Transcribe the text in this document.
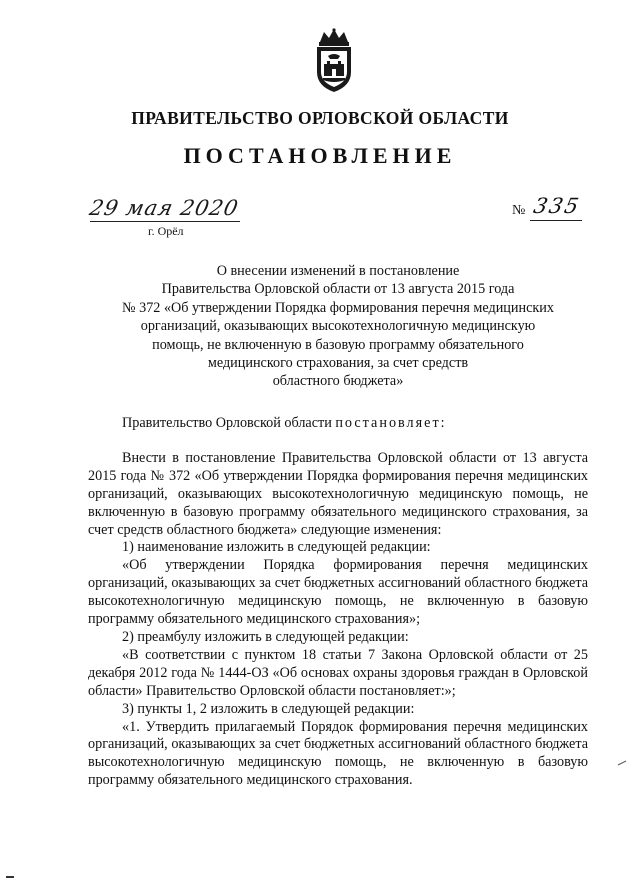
ПРАВИТЕЛЬСТВО ОРЛОВСКОЙ ОБЛАСТИ
ПОСТАНОВЛЕНИЕ
29 мая 2020
г. Орёл
№ 335
О внесении изменений в постановление
Правительства Орловской области от 13 августа 2015 года
№ 372 «Об утверждении Порядка формирования перечня медицинских
организаций, оказывающих высокотехнологичную медицинскую
помощь, не включенную в базовую программу обязательного
медицинского страхования, за счет средств
областного бюджета»

Правительство Орловской области постановляет:

Внести в постановление Правительства Орловской области от 13 августа 2015 года № 372 «Об утверждении Порядка формирования перечня медицинских организаций, оказывающих высокотехнологичную медицинскую помощь, не включенную в базовую программу обязательного медицинского страхования, за счет средств областного бюджета» следующие изменения:

1) наименование изложить в следующей редакции:

«Об утверждении Порядка формирования перечня медицинских организаций, оказывающих за счет бюджетных ассигнований областного бюджета высокотехнологичную медицинскую помощь, не включенную в базовую программу обязательного медицинского страхования»;

2) преамбулу изложить в следующей редакции:

«В соответствии с пунктом 18 статьи 7 Закона Орловской области от 25 декабря 2012 года № 1444-ОЗ «Об основах охраны здоровья граждан в Орловской области» Правительство Орловской области постановляет:»;

3) пункты 1, 2 изложить в следующей редакции:

«1. Утвердить прилагаемый Порядок формирования перечня медицинских организаций, оказывающих за счет бюджетных ассигнований областного бюджета высокотехнологичную медицинскую помощь, не включенную в базовую программу обязательного медицинского страхования.
